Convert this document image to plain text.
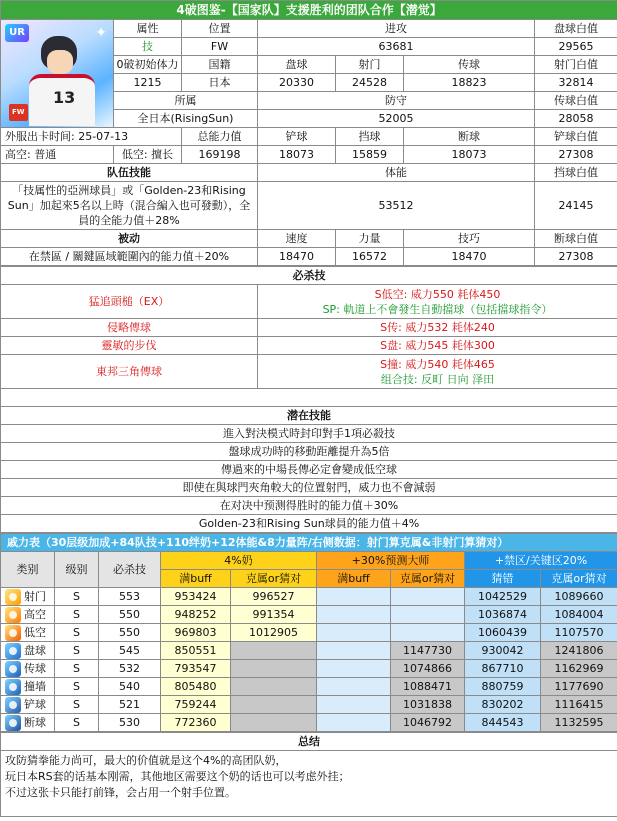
4破图鉴-【国家队】支援胜利的团队合作【潜觉】						

UR ✦
13
FW	属性	位置	进攻			盘球白值
	技	FW	63681			29565
	0破初始体力	国籍	盘球	射门	传球	射门白值
	1215	日本	20330	24528	18823	32814
	所属		防守			传球白值
	全日本(RisingSun)		52005			28058
外服出卡时间: 25-07-13		总能力值	铲球	挡球	断球	铲球白值
高空: 普通	低空: 擅长	169198	18073	15859	18073	27308
队伍技能			体能			挡球白值
「技属性的亞洲球員」或「Golden-23和Rising Sun」加起來5名以上時（混合編入也可發動），全員的全能力值＋28%			53512			24145
被动			速度	力量	技巧	断球白值
在禁區 / 關鍵區域範圍內的能力值＋20%			18470	16572	18470	27308
必杀技	
猛追頭槌（EX）	S低空: 威力550 耗体450
SP: 軌道上不會發生自動擋球（包括擋球指令）

侵略傳球	S传: 威力532 耗体240
靈敏的步伐	S盘: 威力545 耗体300
東邦三角傳球	S撞: 威力540 耗体465
组合技: 反町 日向 泽田

潜在技能	
進入對決模式時封印對手1項必殺技	
盤球成功時的移動距離提升為5倍	
傳過來的中場長傳必定會變成低空球	
即使在與球門夾角較大的位置射門，威力也不會減弱	
在对决中预测得胜时的能力值＋30%	
Golden-23和Rising Sun球員的能力值＋4%	
戚力表（30层级加成+84队技+110绊奶+12体能&8力量阵/右侧数据：射门算克属&非射门算猜对）								
类别	级别	必杀技	4%奶		+30%预测大师		+禁区/关键区20%	
			满buff	克属or猜对	满buff	克属or猜对	猜错	克属or猜对
射门	S	553	953424	996527			1042529	1089660
高空	S	550	948252	991354			1036874	1084004
低空	S	550	969803	1012905			1060439	1107570
盘球	S	545	850551			1147730	930042	1241806
传球	S	532	793547			1074866	867710	1162969
撞墙	S	540	805480			1088471	880759	1177690
铲球	S	521	759244			1031838	830202	1116415
断球	S	530	772360			1046792	844543	1132595
总结

攻防猜拳能力尚可，最大的价值就是这个4%的高团队奶，
玩日本RS套的话基本刚需，其他地区需要这个奶的话也可以考虑外挂；
不过这张卡只能打前锋，会占用一个射手位置。
